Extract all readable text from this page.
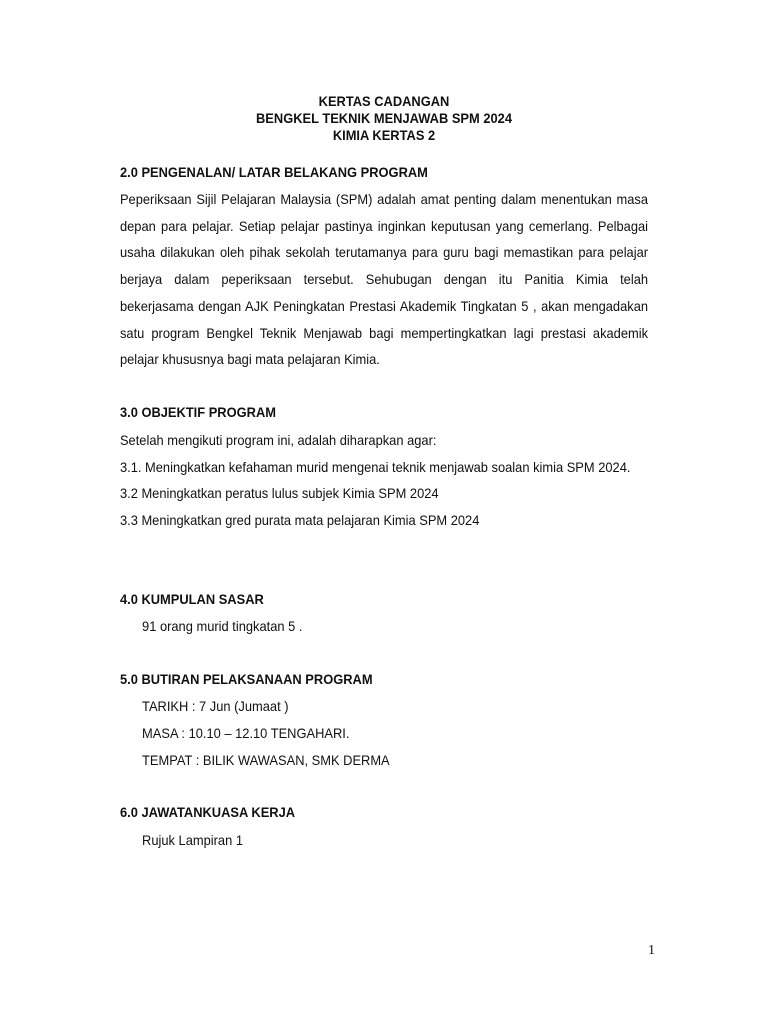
KERTAS CADANGAN
BENGKEL TEKNIK MENJAWAB SPM 2024
KIMIA KERTAS 2
2.0 PENGENALAN/ LATAR BELAKANG PROGRAM
Peperiksaan Sijil Pelajaran Malaysia (SPM) adalah amat penting dalam menentukan masa depan para pelajar. Setiap pelajar pastinya inginkan keputusan yang cemerlang. Pelbagai usaha dilakukan oleh pihak sekolah terutamanya para guru bagi memastikan para pelajar berjaya dalam peperiksaan tersebut. Sehubugan dengan itu Panitia Kimia telah bekerjasama dengan AJK Peningkatan Prestasi Akademik Tingkatan 5 , akan mengadakan satu program Bengkel Teknik Menjawab bagi mempertingkatkan lagi prestasi akademik pelajar khususnya bagi mata pelajaran Kimia.
3.0 OBJEKTIF PROGRAM
Setelah mengikuti program ini, adalah diharapkan agar:
3.1. Meningkatkan kefahaman murid mengenai teknik menjawab soalan kimia SPM 2024.
3.2 Meningkatkan peratus lulus subjek Kimia SPM 2024
3.3 Meningkatkan gred purata mata pelajaran Kimia SPM 2024
4.0 KUMPULAN SASAR
91 orang murid tingkatan 5 .
5.0 BUTIRAN PELAKSANAAN PROGRAM
TARIKH : 7 Jun (Jumaat )
MASA : 10.10 – 12.10 TENGAHARI.
TEMPAT : BILIK WAWASAN, SMK DERMA
6.0 JAWATANKUASA KERJA
Rujuk Lampiran 1
1
